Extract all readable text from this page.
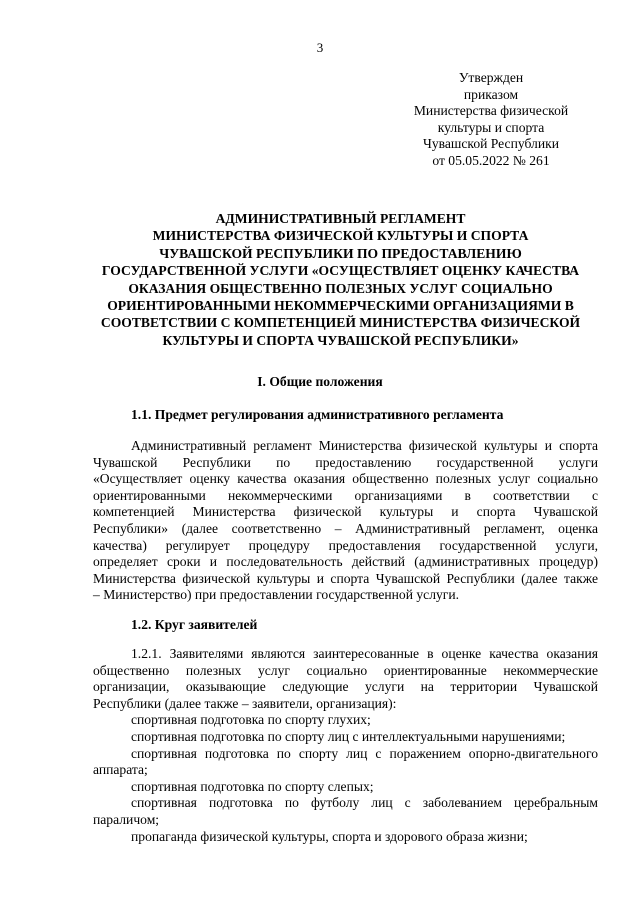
3
Утвержден
приказом
Министерства физической
культуры и спорта
Чувашской Республики
от 05.05.2022 № 261
АДМИНИСТРАТИВНЫЙ РЕГЛАМЕНТ
МИНИСТЕРСТВА ФИЗИЧЕСКОЙ КУЛЬТУРЫ И СПОРТА
ЧУВАШСКОЙ РЕСПУБЛИКИ ПО ПРЕДОСТАВЛЕНИЮ
ГОСУДАРСТВЕННОЙ УСЛУГИ «ОСУЩЕСТВЛЯЕТ ОЦЕНКУ КАЧЕСТВА
ОКАЗАНИЯ ОБЩЕСТВЕННО ПОЛЕЗНЫХ УСЛУГ СОЦИАЛЬНО
ОРИЕНТИРОВАННЫМИ НЕКОММЕРЧЕСКИМИ ОРГАНИЗАЦИЯМИ В
СООТВЕТСТВИИ С КОМПЕТЕНЦИЕЙ МИНИСТЕРСТВА ФИЗИЧЕСКОЙ
КУЛЬТУРЫ И СПОРТА ЧУВАШСКОЙ РЕСПУБЛИКИ»
I. Общие положения
1.1. Предмет регулирования административного регламента
Административный регламент Министерства физической культуры и спорта
Чувашской Республики по предоставлению государственной услуги
«Осуществляет оценку качества оказания общественно полезных услуг социально
ориентированными некоммерческими организациями в соответствии с
компетенцией Министерства физической культуры и спорта Чувашской
Республики» (далее соответственно – Административный регламент, оценка
качества) регулирует процедуру предоставления государственной услуги,
определяет сроки и последовательность действий (административных процедур)
Министерства физической культуры и спорта Чувашской Республики (далее также
– Министерство) при предоставлении государственной услуги.
1.2. Круг заявителей
1.2.1. Заявителями являются заинтересованные в оценке качества оказания
общественно полезных услуг социально ориентированные некоммерческие
организации, оказывающие следующие услуги на территории Чувашской
Республики (далее также – заявители, организация):
спортивная подготовка по спорту глухих;
спортивная подготовка по спорту лиц с интеллектуальными нарушениями;
спортивная подготовка по спорту лиц с поражением опорно-двигательного
аппарата;
спортивная подготовка по спорту слепых;
спортивная подготовка по футболу лиц с заболеванием церебральным
параличом;
пропаганда физической культуры, спорта и здорового образа жизни;
